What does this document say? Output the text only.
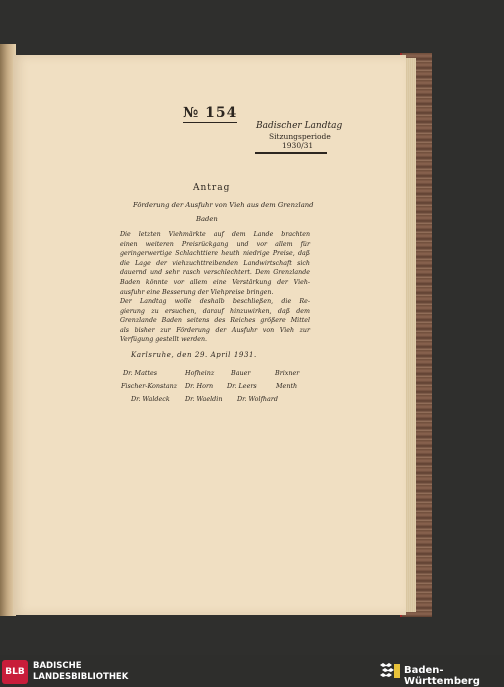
№ 154
Badischer Landtag
Sitzungsperiode
1930/31
Antrag
Förderung der Ausfuhr von Vieh aus dem Grenzland
Baden
Die letzten Viehmärkte auf dem Lande brachten
einen weiteren Preisrückgang und vor allem für
geringerwertige Schlachttiere heuth niedrige Preise, daß
die Lage der viehzuchttreibenden Landwirtschaft sich
dauernd und sehr rasch verschlechtert. Dem Grenzlande
Baden könnte vor allem eine Verstärkung der Vieh-
ausfuhr eine Besserung der Viehpreise bringen.
Der Landtag wolle deshalb beschließen, die Re-
gierung zu ersuchen, darauf hinzuwirken, daß dem
Grenzlande Baden seitens des Reiches größere Mittel
als bisher zur Förderung der Ausfuhr von Vieh zur
Verfügung gestellt werden.
Karlsruhe, den 29. April 1931.
Dr. Mattes	Hofheinz	Bauer	Brixner
Fischer-Konstanz Dr. Horn Dr. Leers	Menth
Dr. Waldeck Dr. Waeldin Dr. Wolfhard
BLB
BADISCHE
LANDESBIBLIOTHEK
Baden-Württemberg
